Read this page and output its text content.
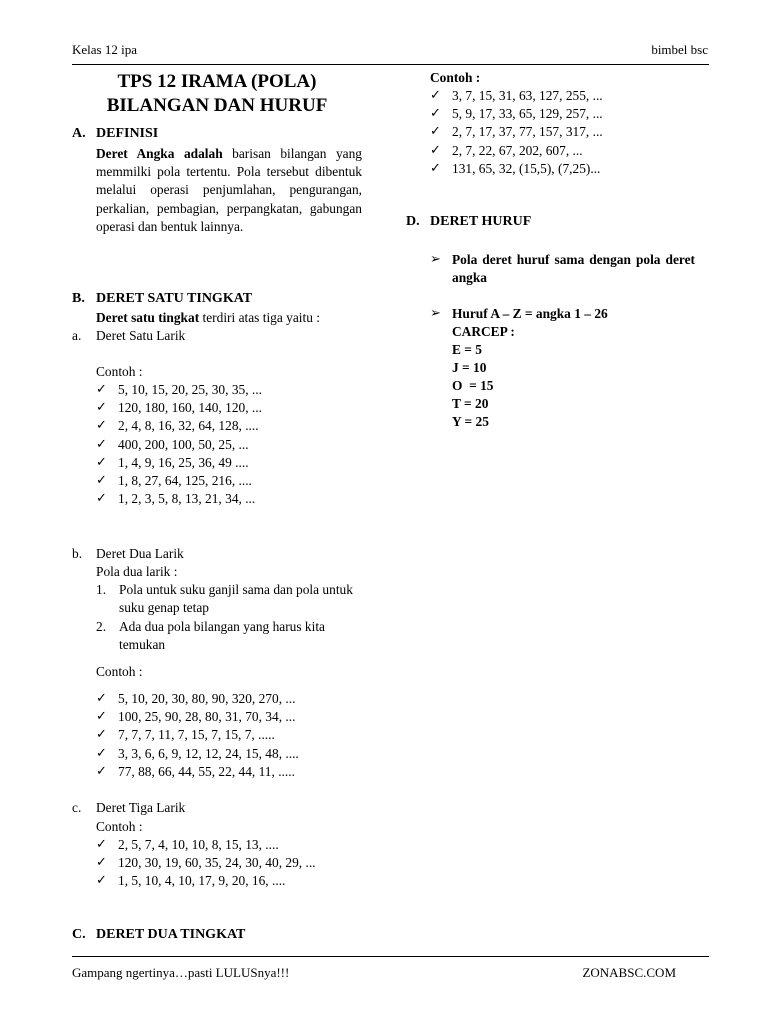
Kelas 12 ipa	bimbel bsc
TPS 12 IRAMA (POLA)
BILANGAN DAN HURUF
A. DEFINISI
Deret Angka adalah barisan bilangan yang memmilki pola tertentu. Pola tersebut dibentuk melalui operasi penjumlahan, pengurangan, perkalian, pembagian, perpangkatan, gabungan operasi dan bentuk lainnya.
B. DERET SATU TINGKAT
Deret satu tingkat terdiri atas tiga yaitu :
a. Deret Satu Larik
Contoh :
✓ 5, 10, 15, 20, 25, 30, 35, ...
✓ 120, 180, 160, 140, 120, ...
✓ 2, 4, 8, 16, 32, 64, 128, ....
✓ 400, 200, 100, 50, 25, ...
✓ 1, 4, 9, 16, 25, 36, 49 ....
✓ 1, 8, 27, 64, 125, 216, ....
✓ 1, 2, 3, 5, 8, 13, 21, 34, ...
b. Deret Dua Larik
Pola dua larik :
1. Pola untuk suku ganjil sama dan pola untuk suku genap tetap
2. Ada dua pola bilangan yang harus kita temukan
Contoh :
✓ 5, 10, 20, 30, 80, 90, 320, 270, ...
✓ 100, 25, 90, 28, 80, 31, 70, 34, ...
✓ 7, 7, 7, 11, 7, 15, 7, 15, 7, .....
✓ 3, 3, 6, 6, 9, 12, 12, 24, 15, 48, ....
✓ 77, 88, 66, 44, 55, 22, 44, 11, .....
c. Deret Tiga Larik
Contoh :
✓ 2, 5, 7, 4, 10, 10, 8, 15, 13, ....
✓ 120, 30, 19, 60, 35, 24, 30, 40, 29, ...
✓ 1, 5, 10, 4, 10, 17, 9, 20, 16, ....
C. DERET DUA TINGKAT
Contoh :
✓ 3, 7, 15, 31, 63, 127, 255, ...
✓ 5, 9, 17, 33, 65, 129, 257, ...
✓ 2, 7, 17, 37, 77, 157, 317, ...
✓ 2, 7, 22, 67, 202, 607, ...
✓ 131, 65, 32, (15,5), (7,25)...
D. DERET HURUF
➢ Pola deret huruf sama dengan pola deret angka
➢ Huruf A – Z = angka 1 – 26
CARCEP :
E = 5
J = 10
O  = 15
T = 20
Y = 25
Gampang ngertinya…pasti LULUSnya!!!	ZONABSC.COM
